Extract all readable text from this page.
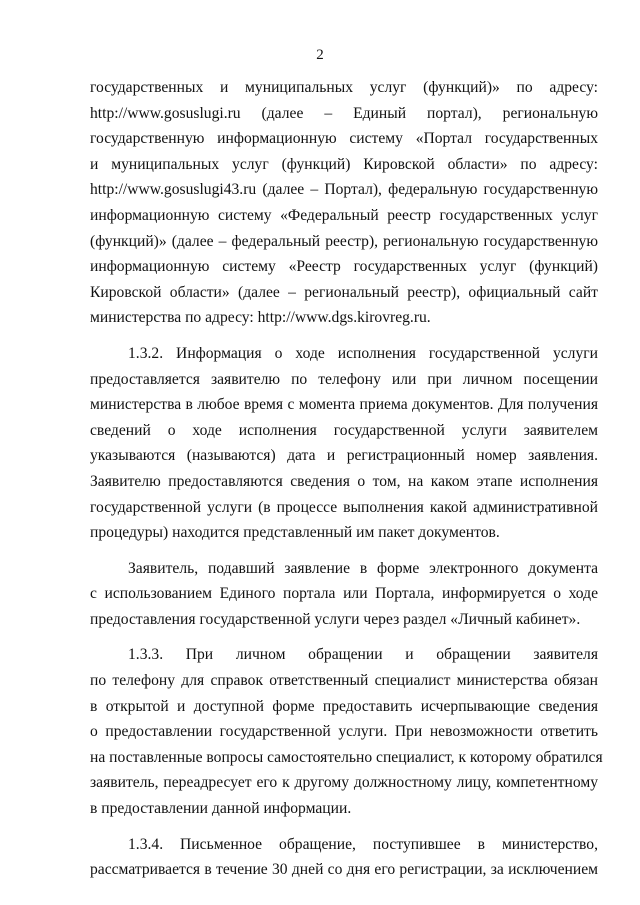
2
государственных и муниципальных услуг (функций)» по адресу:
http://www.gosuslugi.ru (далее – Единый портал), региональную
государственную информационную систему «Портал государственных
и муниципальных услуг (функций) Кировской области» по адресу:
http://www.gosuslugi43.ru (далее – Портал), федеральную государственную
информационную систему «Федеральный реестр государственных услуг
(функций)» (далее – федеральный реестр), региональную государственную
информационную систему «Реестр государственных услуг (функций)
Кировской области» (далее – региональный реестр), официальный сайт
министерства по адресу: http://www.dgs.kirovreg.ru.
1.3.2. Информация о ходе исполнения государственной услуги
предоставляется заявителю по телефону или при личном посещении
министерства в любое время с момента приема документов. Для получения
сведений о ходе исполнения государственной услуги заявителем
указываются (называются) дата и регистрационный номер заявления.
Заявителю предоставляются сведения о том, на каком этапе исполнения
государственной услуги (в процессе выполнения какой административной
процедуры) находится представленный им пакет документов.
Заявитель, подавший заявление в форме электронного документа
с использованием Единого портала или Портала, информируется о ходе
предоставления государственной услуги через раздел «Личный кабинет».
1.3.3. При личном обращении и обращении заявителя
по телефону для справок ответственный специалист министерства обязан
в открытой и доступной форме предоставить исчерпывающие сведения
о предоставлении государственной услуги. При невозможности ответить
на поставленные вопросы самостоятельно специалист, к которому обратился
заявитель, переадресует его к другому должностному лицу, компетентному
в предоставлении данной информации.
1.3.4. Письменное обращение, поступившее в министерство,
рассматривается в течение 30 дней со дня его регистрации, за исключением
